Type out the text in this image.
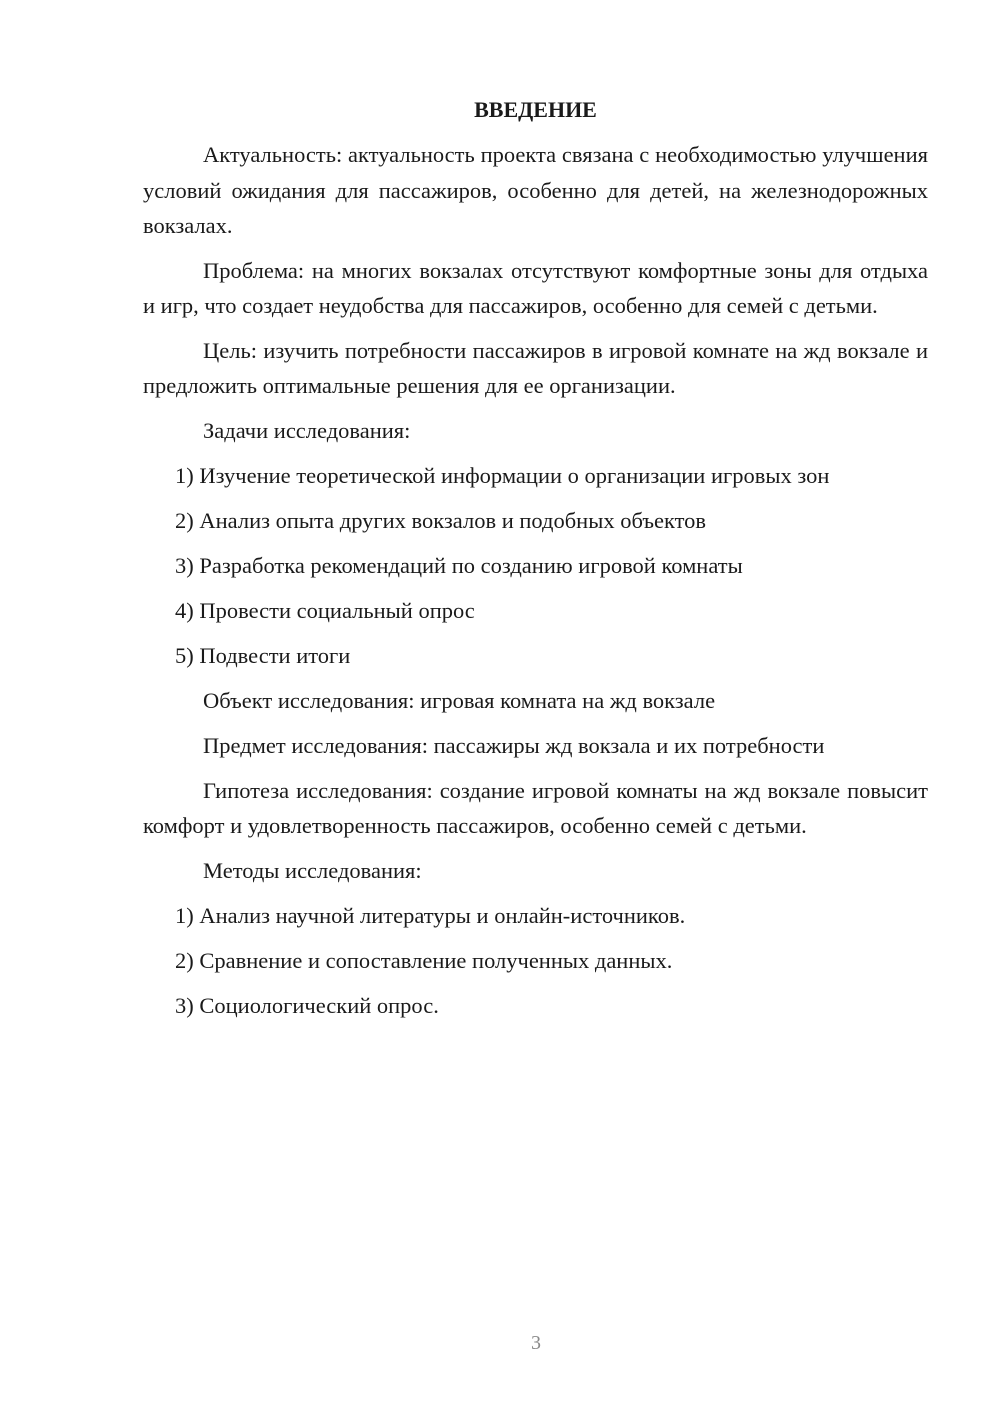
ВВЕДЕНИЕ

Актуальность: актуальность проекта связана с необходимостью улучшения условий ожидания для пассажиров, особенно для детей, на железнодорожных вокзалах.

Проблема: на многих вокзалах отсутствуют комфортные зоны для отдыха и игр, что создает неудобства для пассажиров, особенно для семей с детьми.

Цель: изучить потребности пассажиров в игровой комнате на жд вокзале и предложить оптимальные решения для ее организации.

Задачи исследования:
1) Изучение теоретической информации о организации игровых зон
2) Анализ опыта других вокзалов и подобных объектов
3) Разработка рекомендаций по созданию игровой комнаты
4) Провести социальный опрос
5) Подвести итоги
Объект исследования: игровая комната на жд вокзале
Предмет исследования: пассажиры жд вокзала и их потребности

Гипотеза исследования: создание игровой комнаты на жд вокзале повысит комфорт и удовлетворенность пассажиров, особенно семей с детьми.

Методы исследования:
1) Анализ научной литературы и онлайн-источников.
2) Сравнение и сопоставление полученных данных.
3) Социологический опрос.
3
